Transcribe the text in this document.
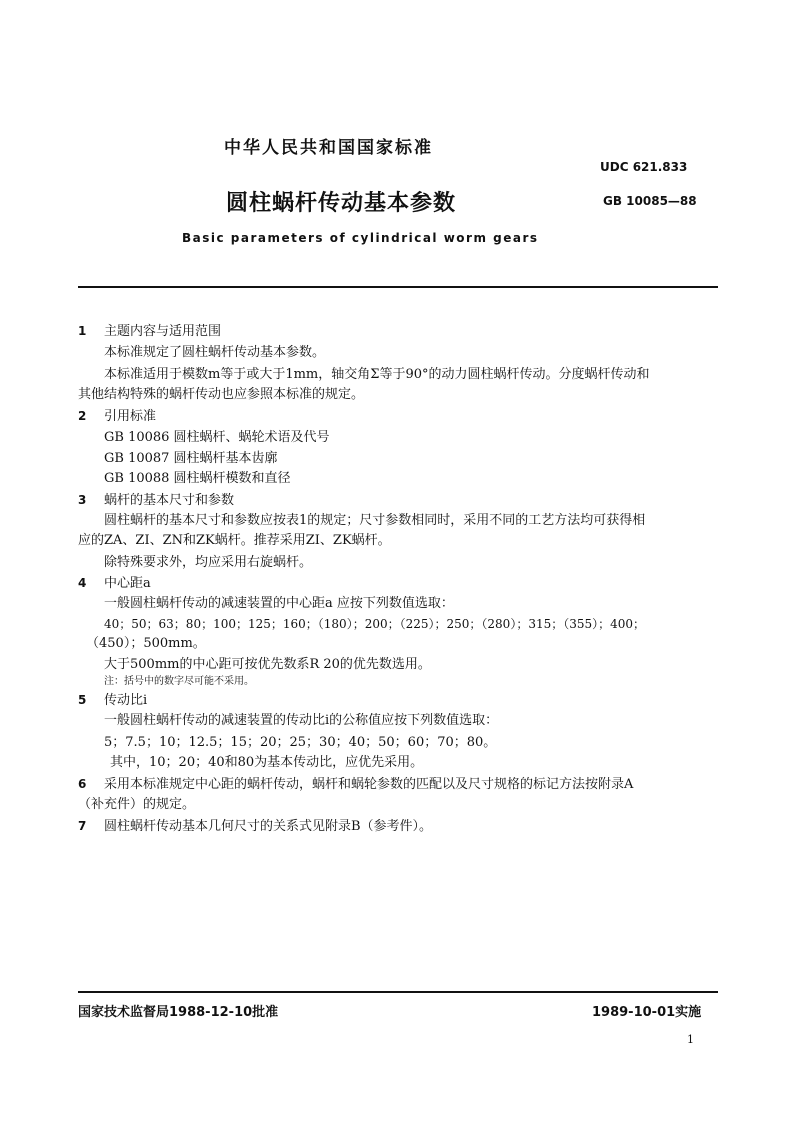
中华人民共和国国家标准
UDC 621.833
圆柱蜗杆传动基本参数	GB 10085—88
Basic parameters of cylindrical worm gears
1 主题内容与适用范围
本标准规定了圆柱蜗杆传动基本参数。
本标准适用于模数m等于或大于1mm，轴交角Σ等于90°的动力圆柱蜗杆传动。分度蜗杆传动和
其他结构特殊的蜗杆传动也应参照本标准的规定。
2 引用标准
GB 10086 圆柱蜗杆、蜗轮术语及代号
GB 10087 圆柱蜗杆基本齿廓
GB 10088 圆柱蜗杆模数和直径
3 蜗杆的基本尺寸和参数
圆柱蜗杆的基本尺寸和参数应按表1的规定；尺寸参数相同时，采用不同的工艺方法均可获得相
应的ZA、ZI、ZN和ZK蜗杆。推荐采用ZI、ZK蜗杆。
除特殊要求外，均应采用右旋蜗杆。
4 中心距a
一般圆柱蜗杆传动的减速装置的中心距a 应按下列数值选取：
40；50；63；80；100；125；160；（180）；200；（225）；250；（280）；315；（355）；400；
（450）；500mm。
大于500mm的中心距可按优先数系R 20的优先数选用。
注：括号中的数字尽可能不采用。
5 传动比i
一般圆柱蜗杆传动的减速装置的传动比i的公称值应按下列数值选取：
5；7.5；10；12.5；15；20；25；30；40；50；60；70；80。
其中，10；20；40和80为基本传动比，应优先采用。
6 采用本标准规定中心距的蜗杆传动，蜗杆和蜗轮参数的匹配以及尺寸规格的标记方法按附录A
（补充件）的规定。
7 圆柱蜗杆传动基本几何尺寸的关系式见附录B（参考件）。
国家技术监督局1988-12-10批准	1989-10-01实施
1
